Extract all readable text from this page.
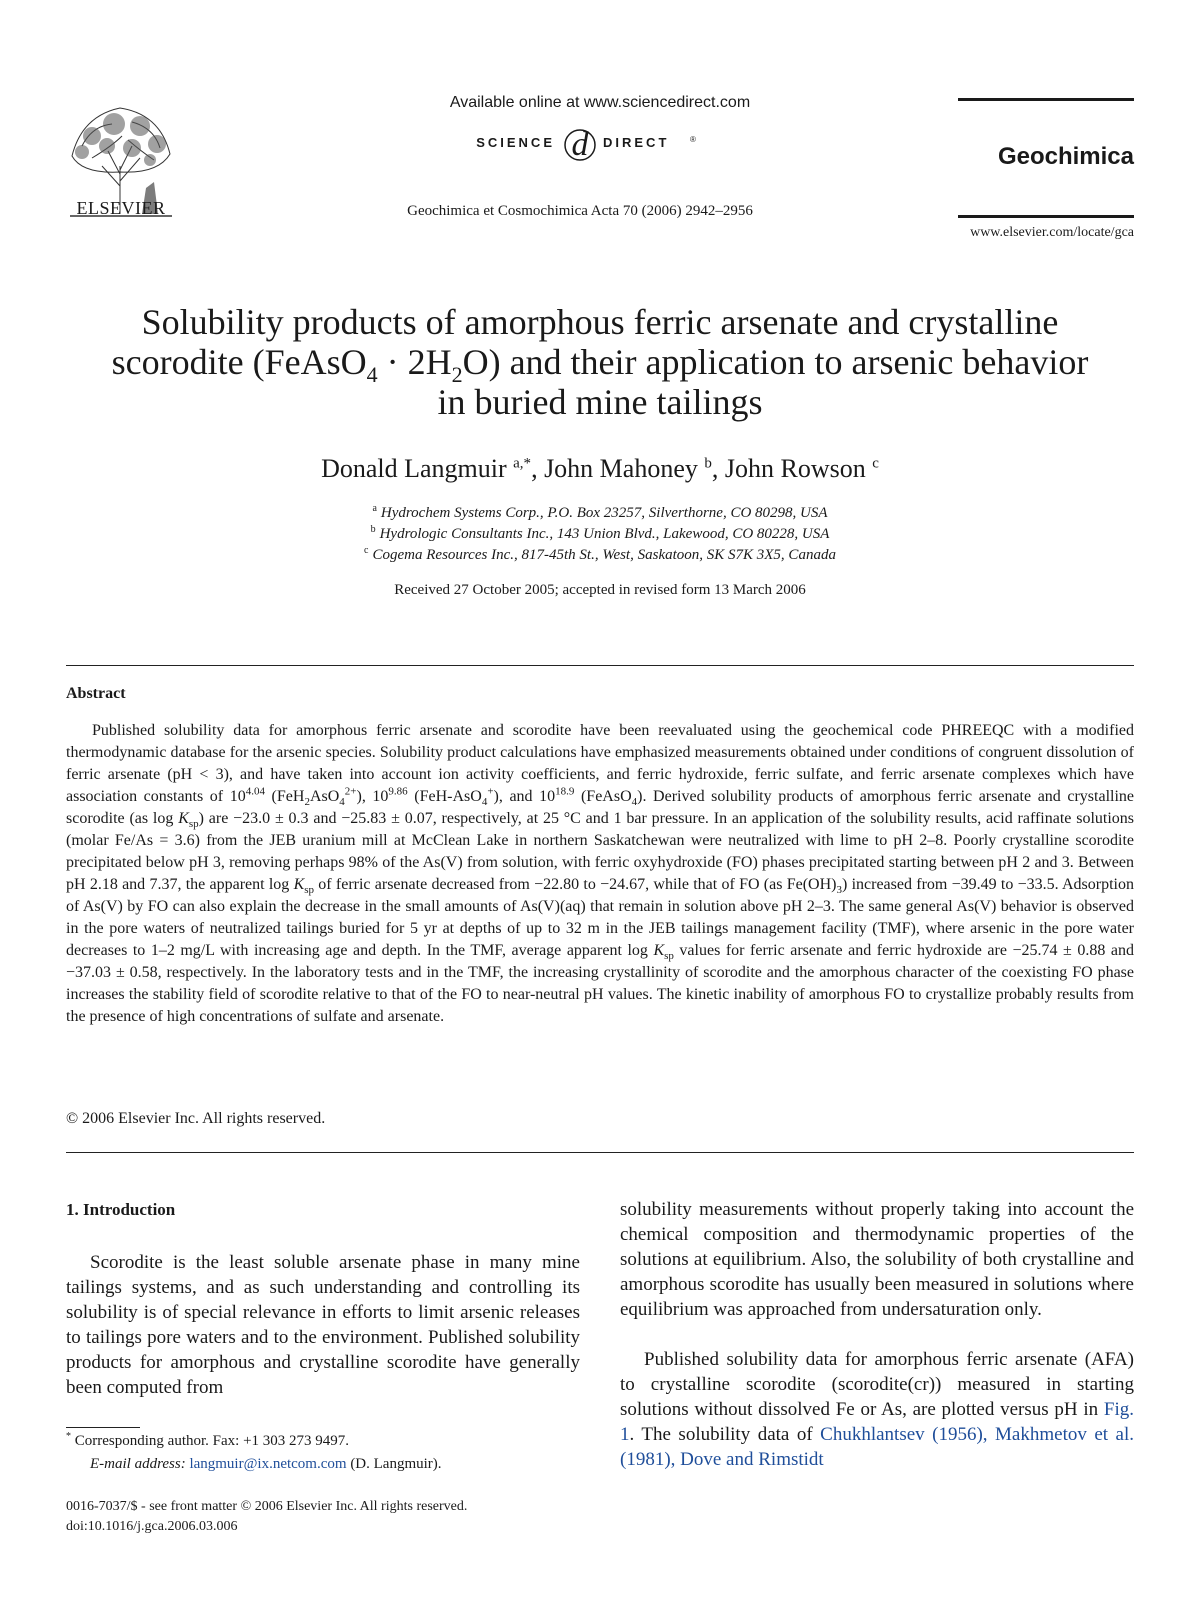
ELSEVIER
Available online at www.sciencedirect.com
SCIENCE d DIRECT	®
Geochimica et Cosmochimica Acta 70 (2006) 2942–2956
Geochimica
www.elsevier.com/locate/gca
Solubility products of amorphous ferric arsenate and crystalline
scorodite (FeAsO$_4$ · $2H_2O$) and their application to arsenic behavior
in buried mine tailings
Donald Langmuir $^{a,*}$, John Mahoney $^b$, John Rowson $^c$
$^a$ Hydrochem Systems Corp., P.O. Box 23257, Silverthorne, CO 80298, USA
$^b$ Hydrologic Consultants Inc., 143 Union Blvd., Lakewood, CO 80228, USA
$^c$ Cogema Resources Inc., 817-45th St., West, Saskatoon, SK S7K 3X5, Canada
Received 27 October 2005; accepted in revised form 13 March 2006
Abstract
Published solubility data for amorphous ferric arsenate and scorodite have been reevaluated using the geochemical code PHREEQC with a modified thermodynamic database for the arsenic species. Solubility product calculations have emphasized measurements obtained under conditions of congruent dissolution of ferric arsenate (pH < 3), and have taken into account ion activity coefficients, and ferric hydroxide, ferric sulfate, and ferric arsenate complexes which have association constants of $10^{4.04}$ (FeH$_2$AsO$_4^{2+}$), $10^{9.86}$ (FeH-AsO$_4$+), and $10^{18.9}$ (FeAsO$_4$). Derived solubility products of amorphous ferric arsenate and crystalline scorodite (as $\log K_{sp}$) are −23.0 ± 0.3 and −25.83 ± 0.07, respectively, at 25 °C and 1 bar pressure. In an application of the solubility results, acid raffinate solutions (molar Fe/As = 3.6) from the JEB uranium mill at McClean Lake in northern Saskatchewan were neutralized with lime to pH 2–8. Poorly crystalline scorodite precipitated below pH 3, removing perhaps 98% of the As(V) from solution, with ferric oxyhydroxide (FO) phases precipitated starting between pH 2 and 3. Between pH 2.18 and 7.37, the apparent $\log K_{sp}$ of ferric arsenate decreased from −22.80 to −24.67, while that of FO (as $Fe(OH)_3$) increased from −39.49 to −33.5. Adsorption of As(V) by FO can also explain the decrease in the small amounts of As(V)(aq) that remain in solution above pH 2–3. The same general As(V) behavior is observed in the pore waters of neutralized tailings buried for 5 yr at depths of up to 32 m in the JEB tailings management facility (TMF), where arsenic in the pore water decreases to 1–2 mg/L with increasing age and depth. In the TMF, average apparent $\log K_{sp}$ values for ferric arsenate and ferric hydroxide are −25.74 ± 0.88 and −37.03 ± 0.58, respectively. In the laboratory tests and in the TMF, the increasing crystallinity of scorodite and the amorphous character of the coexisting FO phase increases the stability field of scorodite relative to that of the FO to near-neutral pH values. The kinetic inability of amorphous FO to crystallize probably results from the presence of high concentrations of sulfate and arsenate.
© 2006 Elsevier Inc. All rights reserved.
1. Introduction
Scorodite is the least soluble arsenate phase in many mine tailings systems, and as such understanding and controlling its solubility is of special relevance in efforts to limit arsenic releases to tailings pore waters and to the environment. Published solubility products for amorphous and crystalline scorodite have generally been computed from
solubility measurements without properly taking into account the chemical composition and thermodynamic properties of the solutions at equilibrium. Also, the solubility of both crystalline and amorphous scorodite has usually been measured in solutions where equilibrium was approached from undersaturation only.
Published solubility data for amorphous ferric arsenate (AFA) to crystalline scorodite (scorodite(cr)) measured in starting solutions without dissolved Fe or As, are plotted versus pH in Fig. 1. The solubility data of Chukhlantsev (1956), Makhmetov et al. (1981), Dove and Rimstidt
* Corresponding author. Fax: +1 303 273 9497.
E-mail address: langmuir@ix.netcom.com (D. Langmuir).
0016-7037/$ - see front matter © 2006 Elsevier Inc. All rights reserved.
doi:10.1016/j.gca.2006.03.006
